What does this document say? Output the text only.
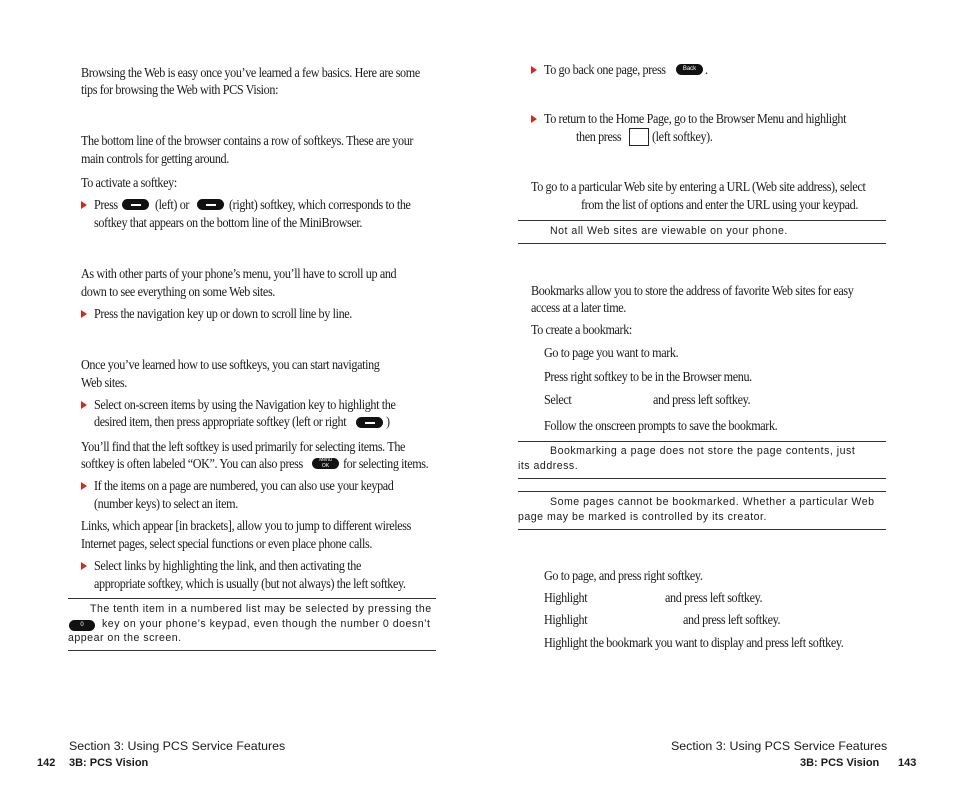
Browsing the Web is easy once you’ve learned a few basics. Here are some
tips for browsing the Web with PCS Vision:
The bottom line of the browser contains a row of softkeys. These are your
main controls for getting around.
To activate a softkey:
Press	(left) or	(right) softkey, which corresponds to the
softkey that appears on the bottom line of the MiniBrowser.
As with other parts of your phone’s menu, you’ll have to scroll up and
down to see everything on some Web sites.
Press the navigation key up or down to scroll line by line.
Once you’ve learned how to use softkeys, you can start navigating
Web sites.
Select on-screen items by using the Navigation key to highlight the
desired item, then press appropriate softkey (left or right	)
You’ll find that the left softkey is used primarily for selecting items. The
softkey is often labeled “OK”. You can also press	Menu
OK	for selecting items.
If the items on a page are numbered, you can also use your keypad
(number keys) to select an item.
Links, which appear [in brackets], allow you to jump to different wireless
Internet pages, select special functions or even place phone calls.
Select links by highlighting the link, and then activating the
appropriate softkey, which is usually (but not always) the left softkey.
The tenth item in a numbered list may be selected by pressing the
0	key on your phone’s keypad, even though the number 0 doesn’t
appear on the screen.
Section 3: Using PCS Service Features
142 3B: PCS Vision
To go back one page, press	Back .
To return to the Home Page, go to the Browser Menu and highlight
then press (left softkey).
To go to a particular Web site by entering a URL (Web site address), select
from the list of options and enter the URL using your keypad.
Not all Web sites are viewable on your phone.
Bookmarks allow you to store the address of favorite Web sites for easy
access at a later time.
To create a bookmark:
Go to page you want to mark.
Press right softkey to be in the Browser menu.
Select	and press left softkey.
Follow the onscreen prompts to save the bookmark.
Bookmarking a page does not store the page contents, just
its address.
Some pages cannot be bookmarked. Whether a particular Web
page may be marked is controlled by its creator.
Go to page, and press right softkey.
Highlight	and press left softkey.
Highlight	and press left softkey.
Highlight the bookmark you want to display and press left softkey.
Section 3: Using PCS Service Features
3B: PCS Vision 143
